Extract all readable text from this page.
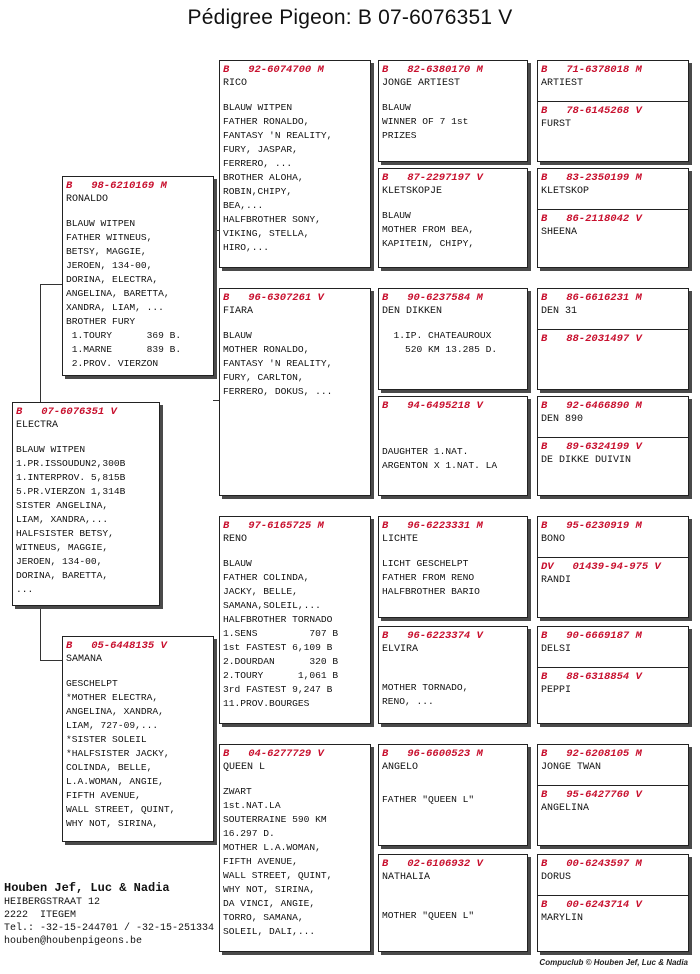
Pédigree Pigeon: B 07-6076351 V
B   07-6076351 V
ELECTRA
BLAUW WITPEN
1.PR.ISSOUDUN2,300B
1.INTERPROV. 5,815B
5.PR.VIERZON 1,314B
SISTER ANGELINA,
LIAM, XANDRA,...
HALFSISTER BETSY,
WITNEUS, MAGGIE,
JEROEN, 134-00,
DORINA, BARETTA,
...
B   98-6210169 M
RONALDO
BLAUW WITPEN
FATHER WITNEUS,
BETSY, MAGGIE,
JEROEN, 134-00,
DORINA, ELECTRA,
ANGELINA, BARETTA,
XANDRA, LIAM, ...
BROTHER FURY
1.TOURY      369 B.
1.MARNE      839 B.
2.PROV. VIERZON
B   05-6448135 V
SAMANA
GESCHELPT
*MOTHER ELECTRA,
ANGELINA, XANDRA,
LIAM, 727-09,...
*SISTER SOLEIL
*HALFSISTER JACKY,
COLINDA, BELLE,
L.A.WOMAN, ANGIE,
FIFTH AVENUE,
WALL STREET, QUINT,
WHY NOT, SIRINA,
B   92-6074700 M
RICO
BLAUW WITPEN
FATHER RONALDO,
FANTASY 'N REALITY,
FURY, JASPAR,
FERRERO, ...
BROTHER ALOHA,
ROBIN,CHIPY,
BEA,...
HALFBROTHER SONY,
VIKING, STELLA,
HIRO,...
B   96-6307261 V
FIARA
BLAUW
MOTHER RONALDO,
FANTASY 'N REALITY,
FURY, CARLTON,
FERRERO, DOKUS, ...
B   97-6165725 M
RENO
BLAUW
FATHER COLINDA,
JACKY, BELLE,
SAMANA,SOLEIL,...
HALFBROTHER TORNADO
1.SENS         707 B
1st FASTEST 6,109 B
2.DOURDAN      320 B
2.TOURY      1,061 B
3rd FASTEST 9,247 B
11.PROV.BOURGES
B   04-6277729 V
QUEEN L
ZWART
1st.NAT.LA
SOUTERRAINE 590 KM
16.297 D.
MOTHER L.A.WOMAN,
FIFTH AVENUE,
WALL STREET, QUINT,
WHY NOT, SIRINA,
DA VINCI, ANGIE,
TORRO, SAMANA,
SOLEIL, DALI,...
B   82-6380170 M
JONGE ARTIEST
BLAUW
WINNER OF 7 1st
PRIZES
B   87-2297197 V
KLETSKOPJE
BLAUW
MOTHER FROM BEA,
KAPITEIN, CHIPY,
B   90-6237584 M
DEN DIKKEN
1.IP. CHATEAUROUX
520 KM 13.285 D.
B   94-6495218 V
DAUGHTER 1.NAT.
ARGENTON X 1.NAT. LA
B   96-6223331 M
LICHTE
LICHT GESCHELPT
FATHER FROM RENO
HALFBROTHER BARIO
B   96-6223374 V
ELVIRA
MOTHER TORNADO,
RENO, ...
B   96-6600523 M
ANGELO
FATHER "QUEEN L"
B   02-6106932 V
NATHALIA
MOTHER "QUEEN L"
B   71-6378018 M
ARTIEST
B   78-6145268 V
FURST
B   83-2350199 M
KLETSKOP
B   86-2118042 V
SHEENA
B   86-6616231 M
DEN 31
B   88-2031497 V
B   92-6466890 M
DEN 890
B   89-6324199 V
DE DIKKE DUIVIN
B   95-6230919 M
BONO
DV   01439-94-975 V
RANDI
B   90-6669187 M
DELSI
B   88-6318854 V
PEPPI
B   92-6208105 M
JONGE TWAN
B   95-6427760 V
ANGELINA
B   00-6243597 M
DORUS
B   00-6243714 V
MARYLIN
Houben Jef, Luc & Nadia
HEIBERGSTRAAT 12
2222  ITEGEM
Tel.: -32-15-244701 / -32-15-251334
houben@houbenpigeons.be
Compuclub © Houben Jef, Luc & Nadia
